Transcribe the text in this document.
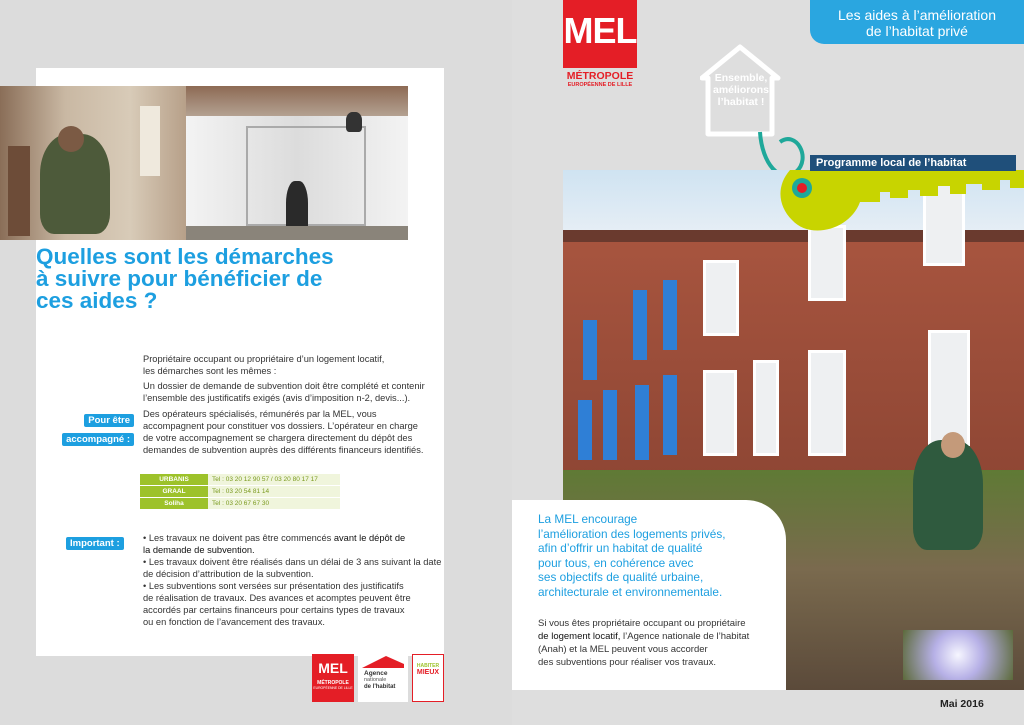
Quelles sont les démarches à suivre pour bénéficier de ces aides ?
Propriétaire occupant ou propriétaire d’un logement locatif,
les démarches sont les mêmes :
Un dossier de demande de subvention doit être complété et contenir
l’ensemble des justificatifs exigés (avis d’imposition n-2, devis...).
Pour être
accompagné :
Des opérateurs spécialisés, rémunérés par la MEL, vous
accompagnent pour constituer vos dossiers. L’opérateur en charge
de votre accompagnement se chargera directement du dépôt des
demandes de subvention auprès des différents financeurs identifiés.
URBANIS	Tel : 03 20 12 90 57 / 03 20 80 17 17
GRAAL	Tel : 03 20 54 81 14
Soliha	Tel : 03 20 67 67 30
Important :	• Les travaux ne doivent pas être commencés avant le dépôt de
la demande de subvention.
• Les travaux doivent être réalisés dans un délai de 3 ans suivant la date
de décision d’attribution de la subvention.
• Les subventions sont versées sur présentation des justificatifs
de réalisation de travaux. Des avances et acomptes peuvent être
accordés par certains financeurs pour certains types de travaux
ou en fonction de l’avancement des travaux.
MEL
MÉTROPOLE
EUROPÉENNE DE LILLE
Agence
nationale
de l'habitat
HABITER
MIEUX
Les aides à l’amélioration
de l’habitat privé
MEL
MÉTROPOLE
EUROPÉENNE DE LILLE
Ensemble,
améliorons
l’habitat !
Programme local de l’habitat
La MEL encourage
l’amélioration des logements privés,
afin d’offrir un habitat de qualité
pour tous, en cohérence avec
ses objectifs de qualité urbaine,
architecturale et environnementale.
Si vous êtes propriétaire occupant ou propriétaire
de logement locatif, l’Agence nationale de l’habitat
(Anah) et la MEL peuvent vous accorder
des subventions pour réaliser vos travaux.
Mai 2016
